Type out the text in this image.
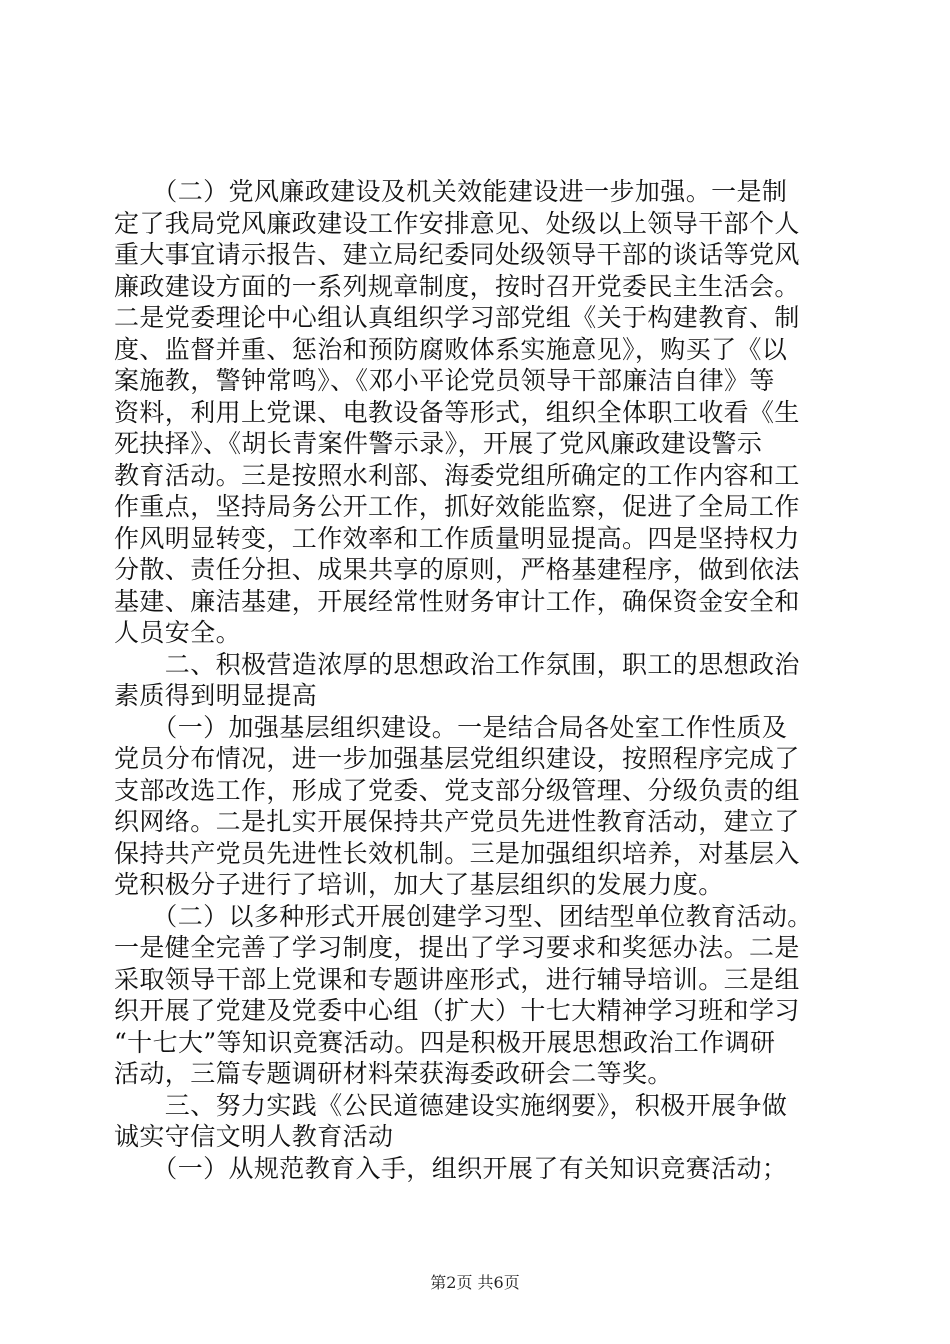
　　（二）党风廉政建设及机关效能建设进一步加强。一是制
定了我局党风廉政建设工作安排意见、处级以上领导干部个人
重大事宜请示报告、建立局纪委同处级领导干部的谈话等党风
廉政建设方面的一系列规章制度，按时召开党委民主生活会。
二是党委理论中心组认真组织学习部党组《关于构建教育、制
度、监督并重、惩治和预防腐败体系实施意见》，购买了《以
案施教，警钟常鸣》、《邓小平论党员领导干部廉洁自律》等
资料，利用上党课、电教设备等形式，组织全体职工收看《生
死抉择》、《胡长青案件警示录》，开展了党风廉政建设警示
教育活动。三是按照水利部、海委党组所确定的工作内容和工
作重点，坚持局务公开工作，抓好效能监察，促进了全局工作
作风明显转变，工作效率和工作质量明显提高。四是坚持权力
分散、责任分担、成果共享的原则，严格基建程序，做到依法
基建、廉洁基建，开展经常性财务审计工作，确保资金安全和
人员安全。
　　二、积极营造浓厚的思想政治工作氛围，职工的思想政治
素质得到明显提高
　　（一）加强基层组织建设。一是结合局各处室工作性质及
党员分布情况，进一步加强基层党组织建设，按照程序完成了
支部改选工作，形成了党委、党支部分级管理、分级负责的组
织网络。二是扎实开展保持共产党员先进性教育活动，建立了
保持共产党员先进性长效机制。三是加强组织培养，对基层入
党积极分子进行了培训，加大了基层组织的发展力度。
　　（二）以多种形式开展创建学习型、团结型单位教育活动。
一是健全完善了学习制度，提出了学习要求和奖惩办法。二是
采取领导干部上党课和专题讲座形式，进行辅导培训。三是组
织开展了党建及党委中心组（扩大）十七大精神学习班和学习
“十七大”等知识竞赛活动。四是积极开展思想政治工作调研
活动，三篇专题调研材料荣获海委政研会二等奖。
　　三、努力实践《公民道德建设实施纲要》，积极开展争做
诚实守信文明人教育活动
　　（一）从规范教育入手，组织开展了有关知识竞赛活动；
第2页 共6页
